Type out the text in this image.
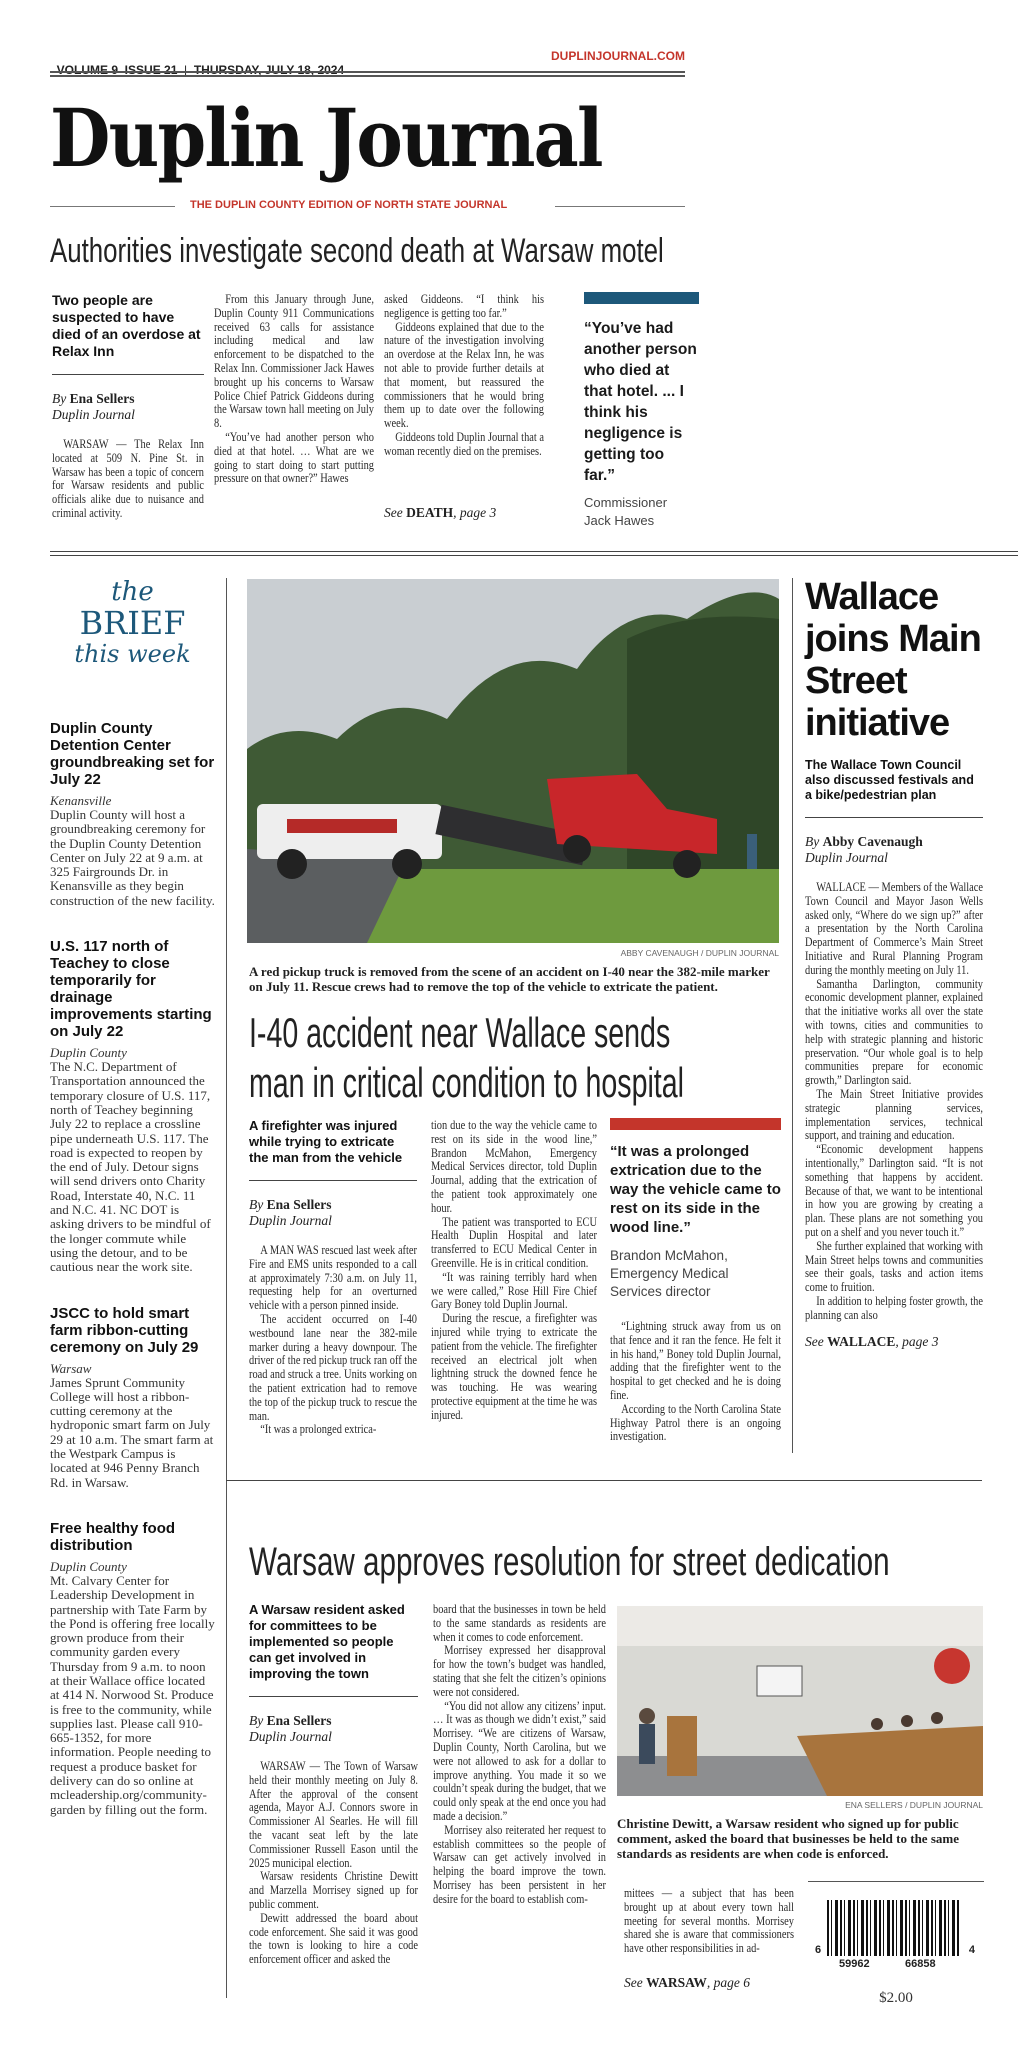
VOLUME 9  ISSUE 21 | THURSDAY, JULY 18, 2024

DUPLINJOURNAL.COM
Duplin Journal
THE DUPLIN COUNTY EDITION OF NORTH STATE JOURNAL
Authorities investigate second death at Warsaw motel
Two people are suspected to have died of an overdose at Relax Inn
By Ena Sellers
Duplin Journal

WARSAW — The Relax Inn located at 509 N. Pine St. in Warsaw has been a topic of concern for Warsaw residents and public officials alike due to nuisance and criminal activity.

From this January through June, Duplin County 911 Communications received 63 calls for assistance including medical and law enforcement to be dispatched to the Relax Inn. Commissioner Jack Hawes brought up his concerns to Warsaw Police Chief Patrick Giddeons during the Warsaw town hall meeting on July 8.

“You’ve had another person who died at that hotel. … What are we going to start doing to start putting pressure on that owner?” Hawes

asked Giddeons. “I think his negligence is getting too far.”

Giddeons explained that due to the nature of the investigation involving an overdose at the Relax Inn, he was not able to provide further details at that moment, but reassured the commissioners that he would bring them up to date over the following week.

Giddeons told Duplin Journal that a woman recently died on the premises.

See DEATH, page 3
“You’ve had another person who died at that hotel. ... I think his negligence is getting too far.”
Commissioner
Jack Hawes
the
BRIEF
this week
Duplin County Detention Center groundbreaking set for July 22
Kenansville
Duplin County will host a groundbreaking ceremony for the Duplin County Detention Center on July 22 at 9 a.m. at 325 Fairgrounds Dr. in Kenansville as they begin construction of the new facility.
U.S. 117 north of Teachey to close temporarily for drainage improvements starting on July 22
Duplin County
The N.C. Department of Transportation announced the temporary closure of U.S. 117, north of Teachey beginning July 22 to replace a crossline pipe underneath U.S. 117. The road is expected to reopen by the end of July. Detour signs will send drivers onto Charity Road, Interstate 40, N.C. 11 and N.C. 41. NC DOT is asking drivers to be mindful of the longer commute while using the detour, and to be cautious near the work site.
JSCC to hold smart farm ribbon-cutting ceremony on July 29
Warsaw
James Sprunt Community College will host a ribbon-cutting ceremony at the hydroponic smart farm on July 29 at 10 a.m. The smart farm at the Westpark Campus is located at 946 Penny Branch Rd. in Warsaw.
Free healthy food distribution
Duplin County
Mt. Calvary Center for Leadership Development in partnership with Tate Farm by the Pond is offering free locally grown produce from their community garden every Thursday from 9 a.m. to noon at their Wallace office located at 414 N. Norwood St. Produce is free to the community, while supplies last. Please call 910-665-1352, for more information. People needing to request a produce basket for delivery can do so online at mcleadership.org/community-garden by filling out the form.
ABBY CAVENAUGH / DUPLIN JOURNAL
A red pickup truck is removed from the scene of an accident on I-40 near the 382-mile marker on July 11. Rescue crews had to remove the top of the vehicle to extricate the patient.
I-40 accident near Wallace sends
man in critical condition to hospital
A firefighter was injured while trying to extricate the man from the vehicle
By Ena Sellers
Duplin Journal

A MAN WAS rescued last week after Fire and EMS units responded to a call at approximately 7:30 a.m. on July 11, requesting help for an overturned vehicle with a person pinned inside.

The accident occurred on I-40 westbound lane near the 382-mile marker during a heavy downpour. The driver of the red pickup truck ran off the road and struck a tree. Units working on the patient extrication had to remove the top of the pickup truck to rescue the man.

“It was a prolonged extrica-

tion due to the way the vehicle came to rest on its side in the wood line,” Brandon McMahon, Emergency Medical Services director, told Duplin Journal, adding that the extrication of the patient took approximately one hour.

The patient was transported to ECU Health Duplin Hospital and later transferred to ECU Medical Center in Greenville. He is in critical condition.

“It was raining terribly hard when we were called,” Rose Hill Fire Chief Gary Boney told Duplin Journal.

During the rescue, a firefighter was injured while trying to extricate the patient from the vehicle. The firefighter received an electrical jolt when lightning struck the downed fence he was touching. He was wearing protective equipment at the time he was injured.

“It was a prolonged extrication due to the way the vehicle came to rest on its side in the wood line.”
Brandon McMahon, Emergency Medical Services director

“Lightning struck away from us on that fence and it ran the fence. He felt it in his hand,” Boney told Duplin Journal, adding that the firefighter went to the hospital to get checked and he is doing fine.

According to the North Carolina State Highway Patrol there is an ongoing investigation.

Wallace joins Main Street initiative
The Wallace Town Council also discussed festivals and a bike/pedestrian plan
By Abby Cavenaugh
Duplin Journal

WALLACE — Members of the Wallace Town Council and Mayor Jason Wells asked only, “Where do we sign up?” after a presentation by the North Carolina Department of Commerce’s Main Street Initiative and Rural Planning Program during the monthly meeting on July 11.

Samantha Darlington, community economic development planner, explained that the initiative works all over the state with towns, cities and communities to help with strategic planning and historic preservation. “Our whole goal is to help communities prepare for economic growth,” Darlington said.

The Main Street Initiative provides strategic planning services, implementation services, technical support, and training and education.

“Economic development happens intentionally,” Darlington said. “It is not something that happens by accident. Because of that, we want to be intentional in how you are growing by creating a plan. These plans are not something you put on a shelf and you never touch it.”

She further explained that working with Main Street helps towns and communities see their goals, tasks and action items come to fruition.

In addition to helping foster growth, the planning can also

See WALLACE, page 3
Warsaw approves resolution for street dedication
A Warsaw resident asked for committees to be implemented so people can get involved in improving the town
By Ena Sellers
Duplin Journal

WARSAW — The Town of Warsaw held their monthly meeting on July 8. After the approval of the consent agenda, Mayor A.J. Connors swore in Commissioner Al Searles. He will fill the vacant seat left by the late Commissioner Russell Eason until the 2025 municipal election.

Warsaw residents Christine Dewitt and Marzella Morrisey signed up for public comment.

Dewitt addressed the board about code enforcement. She said it was good the town is looking to hire a code enforcement officer and asked the

board that the businesses in town be held to the same standards as residents are when it comes to code enforcement.

Morrisey expressed her disapproval for how the town’s budget was handled, stating that she felt the citizen’s opinions were not considered.

“You did not allow any citizens’ input. … It was as though we didn’t exist,” said Morrisey. “We are citizens of Warsaw, Duplin County, North Carolina, but we were not allowed to ask for a dollar to improve anything. You made it so we couldn’t speak during the budget, that we could only speak at the end once you had made a decision.”

Morrisey also reiterated her request to establish committees so the people of Warsaw can get actively involved in helping the board improve the town. Morrisey has been persistent in her desire for the board to establish com-

ENA SELLERS / DUPLIN JOURNAL
Christine Dewitt, a Warsaw resident who signed up for public comment, asked the board that businesses be held to the same standards as residents are when code is enforced.

mittees — a subject that has been brought up at about every town hall meeting for several months. Morrisey shared she is aware that commissioners have other responsibilities in ad-

See WARSAW, page 6
6
59962	66858
4
$2.00
